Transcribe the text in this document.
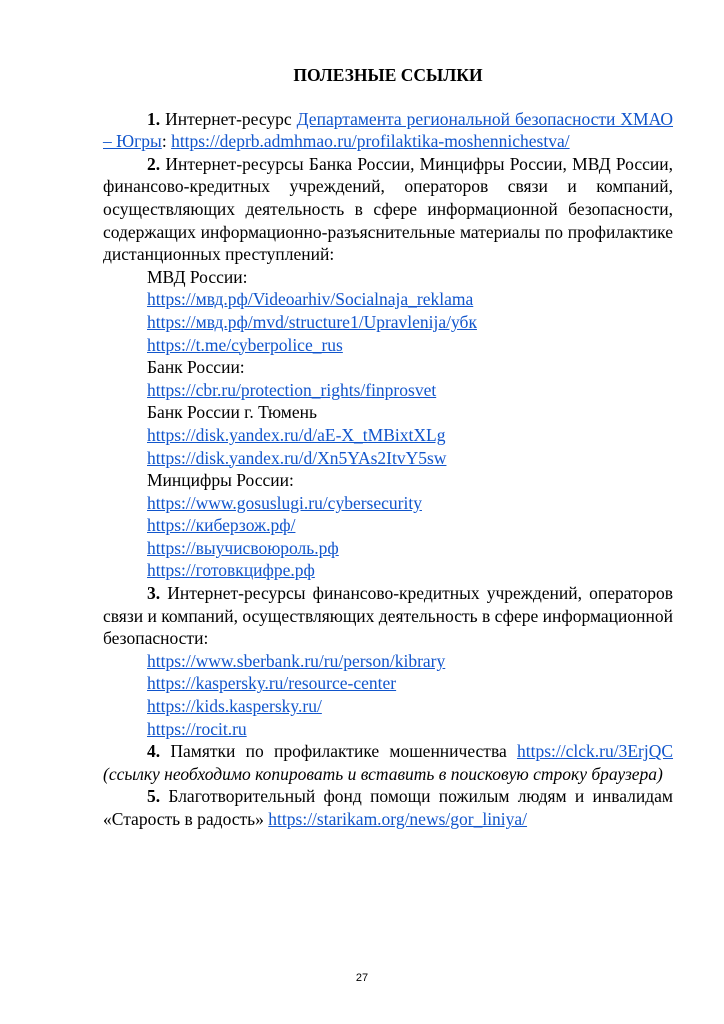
ПОЛЕЗНЫЕ ССЫЛКИ

1. Интернет-ресурс Департамента региональной безопасности ХМАО – Югры: https://deprb.admhmao.ru/profilaktika-moshennichestva/

2. Интернет-ресурсы Банка России, Минцифры России, МВД России, финансово-кредитных учреждений, операторов связи и компаний, осуществляющих деятельность в сфере информационной безопасности, содержащих информационно-разъяснительные материалы по профилактике дистанционных преступлений:

МВД России:

https://мвд.рф/Videoarhiv/Socialnaja_reklama

https://мвд.рф/mvd/structure1/Upravlenija/убк

https://t.me/cyberpolice_rus

Банк России:

https://cbr.ru/protection_rights/finprosvet

Банк России г. Тюмень

https://disk.yandex.ru/d/aE-X_tMBixtXLg

https://disk.yandex.ru/d/Xn5YAs2ItvY5sw

Минцифры России:

https://www.gosuslugi.ru/cybersecurity

https://киберзож.рф/

https://выучисвоюроль.рф

https://готовкцифре.рф

3. Интернет-ресурсы финансово-кредитных учреждений, операторов связи и компаний, осуществляющих деятельность в сфере информационной безопасности:

https://www.sberbank.ru/ru/person/kibrary

https://kaspersky.ru/resource-center

https://kids.kaspersky.ru/

https://rocit.ru

4. Памятки по профилактике мошенничества https://clck.ru/3ErjQC (ссылку необходимо копировать и вставить в поисковую строку браузера)

5. Благотворительный фонд помощи пожилым людям и инвалидам «Старость в радость» https://starikam.org/news/gor_liniya/

27
